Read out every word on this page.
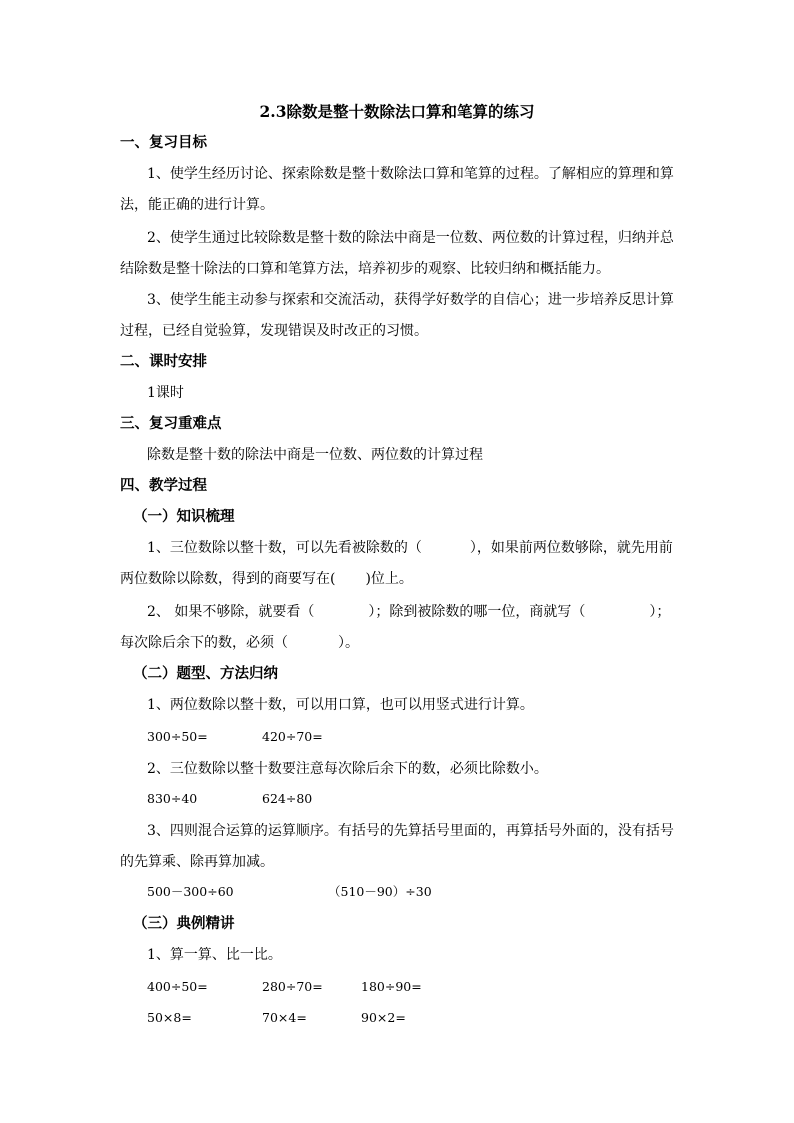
2.3除数是整十数除法口算和笔算的练习
一、复习目标
1、使学生经历讨论、探索除数是整十数除法口算和笔算的过程。了解相应的算理和算
法，能正确的进行计算。
2、使学生通过比较除数是整十数的除法中商是一位数、两位数的计算过程，归纳并总
结除数是整十除法的口算和笔算方法，培养初步的观察、比较归纳和概括能力。
3、使学生能主动参与探索和交流活动，获得学好数学的自信心；进一步培养反思计算
过程，已经自觉验算，发现错误及时改正的习惯。
二、课时安排
1课时
三、复习重难点
除数是整十数的除法中商是一位数、两位数的计算过程
四、教学过程
（一）知识梳理
1、三位数除以整十数，可以先看被除数的（	），如果前两位数够除，就先用前
两位数除以除数，得到的商要写在( )位上。
2、 如果不够除，就要看（	）；除到被除数的哪一位，商就写（	）；
每次除后余下的数，必须（	）。
（二）题型、方法归纳
1、两位数除以整十数，可以用口算，也可以用竖式进行计算。
300÷50=	420÷70=
2、三位数除以整十数要注意每次除后余下的数，必须比除数小。
830÷40	624÷80
3、四则混合运算的运算顺序。有括号的先算括号里面的，再算括号外面的，没有括号
的先算乘、除再算加减。
500－300÷60	（510－90）÷30
（三）典例精讲
1、算一算、比一比。
400÷50=	280÷70=	180÷90=
50×8=	70×4=	90×2=
